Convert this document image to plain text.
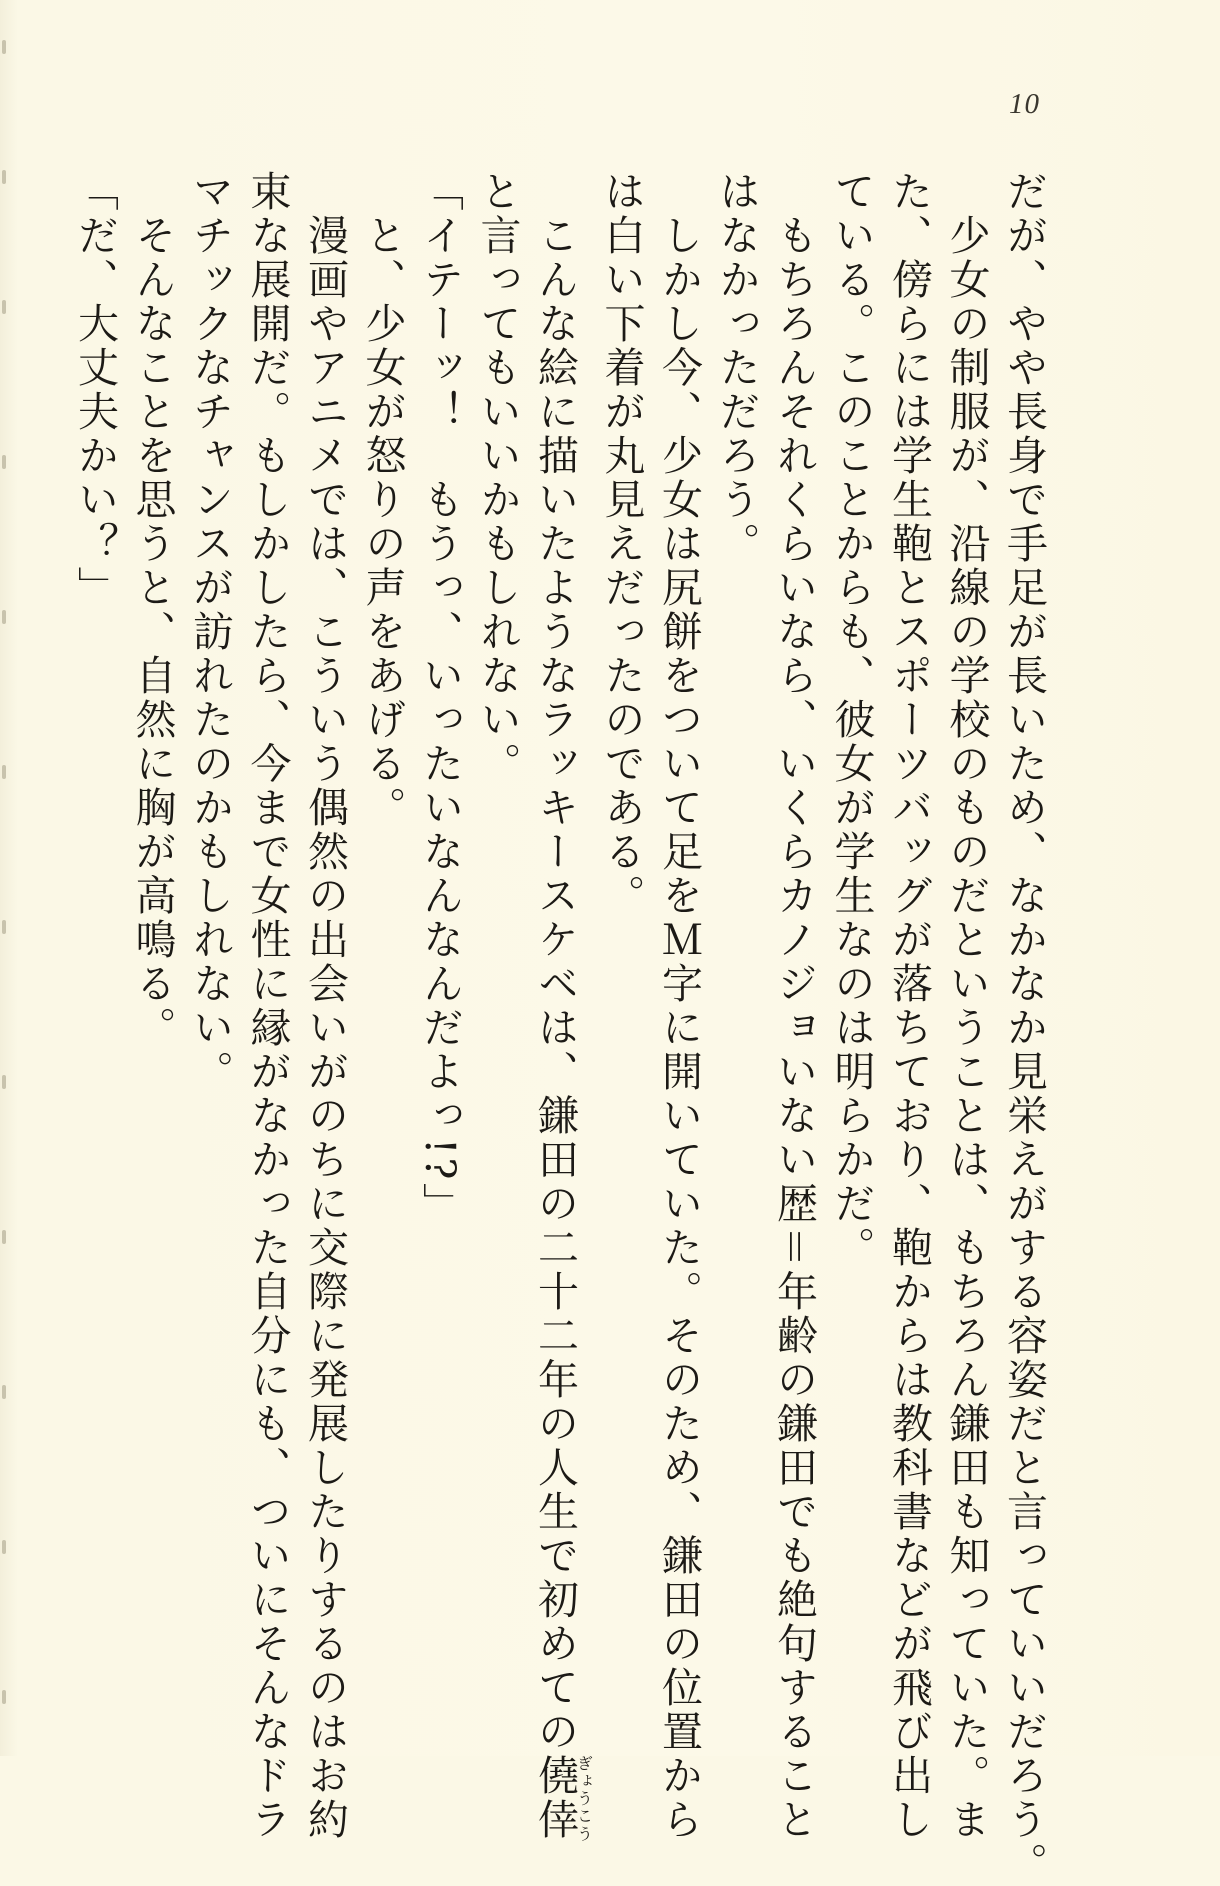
10
だが、やや長身で手足が長いため、なかなか見栄えがする容姿だと言っていいだろう。
　少女の制服が、沿線の学校のものだということは、もちろん鎌田も知っていた。ま
た、傍らには学生鞄とスポーツバッグが落ちており、鞄からは教科書などが飛び出し
ている。このことからも、彼女が学生なのは明らかだ。
　もちろんそれくらいなら、いくらカノジョいない歴＝年齢の鎌田でも絶句すること
はなかっただろう。
　しかし今、少女は尻餅をついて足をＭ字に開いていた。そのため、鎌田の位置から
は白い下着が丸見えだったのである。
　こんな絵に描いたようなラッキースケベは、鎌田の二十二年の人生で初めての僥倖ぎょうこう
と言ってもいいかもしれない。
「イテーッ！　もうっ、いったいなんなんだよっ!?」
　と、少女が怒りの声をあげる。
　漫画やアニメでは、こういう偶然の出会いがのちに交際に発展したりするのはお約
束な展開だ。もしかしたら、今まで女性に縁がなかった自分にも、ついにそんなドラ
マチックなチャンスが訪れたのかもしれない。
　そんなことを思うと、自然に胸が高鳴る。
「だ、大丈夫かい？」
